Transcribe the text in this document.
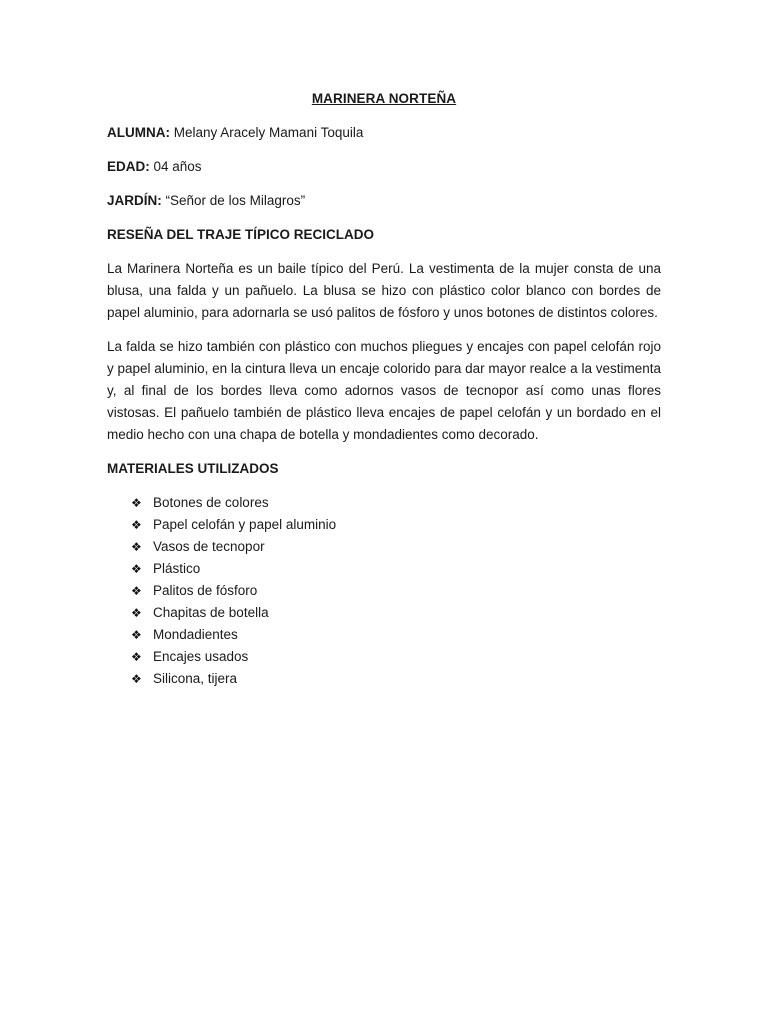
MARINERA NORTEÑA
ALUMNA: Melany Aracely Mamani Toquila
EDAD: 04 años
JARDÍN: “Señor de los Milagros”
RESEÑA DEL TRAJE TÍPICO RECICLADO

La Marinera Norteña es un baile típico del Perú. La vestimenta de la mujer consta de una blusa, una falda y un pañuelo. La blusa se hizo con plástico color blanco con bordes de papel aluminio, para adornarla se usó palitos de fósforo y unos botones de distintos colores.

La falda se hizo también con plástico con muchos pliegues y encajes con papel celofán rojo y papel aluminio, en la cintura lleva un encaje colorido para dar mayor realce a la vestimenta y, al final de los bordes lleva como adornos vasos de tecnopor así como unas flores vistosas. El pañuelo también de plástico lleva encajes de papel celofán y un bordado en el medio hecho con una chapa de botella y mondadientes como decorado.

MATERIALES UTILIZADOS
❖ Botones de colores
❖ Papel celofán y papel aluminio
❖ Vasos de tecnopor
❖ Plástico
❖ Palitos de fósforo
❖ Chapitas de botella
❖ Mondadientes
❖ Encajes usados
❖ Silicona, tijera
